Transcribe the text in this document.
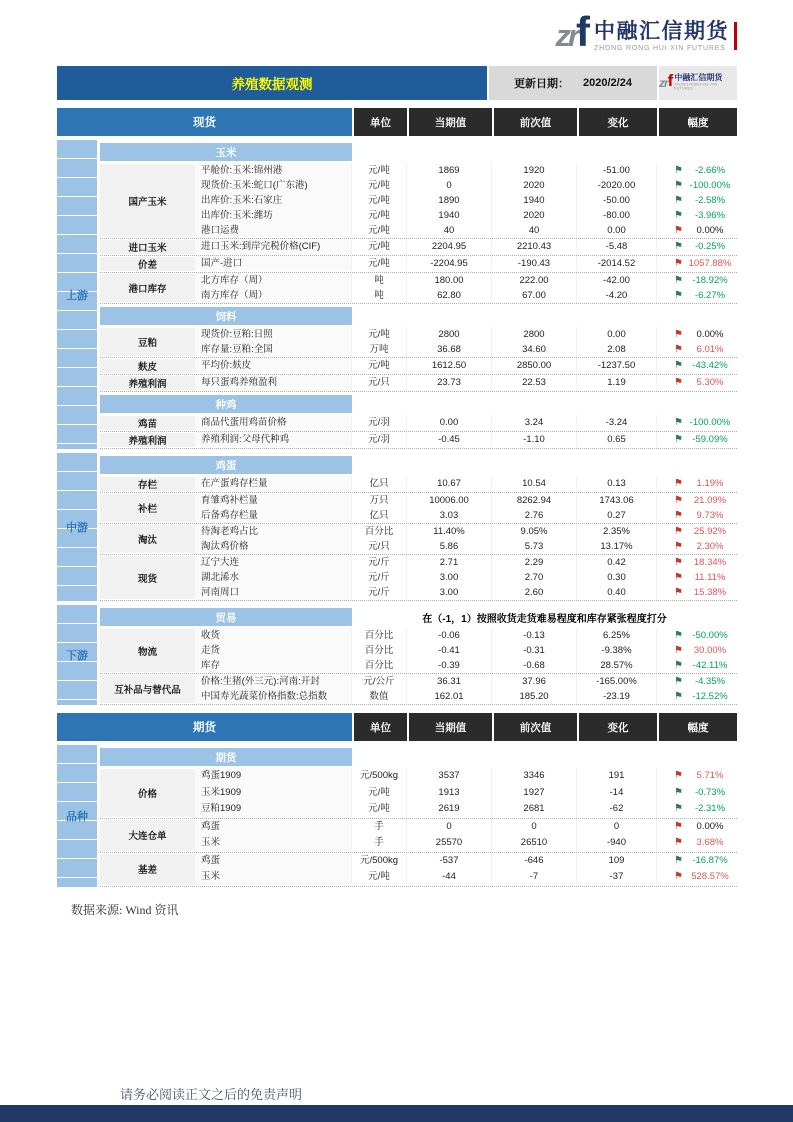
zr f 中融汇信期货
ZHONG RONG HUI XIN FUTURES
养殖数据观测	更新日期： 2020/2/24 zr f 中融汇信期货
ZHONG RONG HUI XIN FUTURES
现货	单位	当期值	前次值	变化	幅度
上游
玉米
国产玉米
平舱价:玉米:锦州港	元/吨	1869	1920	-51.00	⚑	-2.66%
现货价:玉米:蛇口(广东港)	元/吨	0	2020	-2020.00	⚑ -100.00%
出库价:玉米:石家庄	元/吨	1890	1940	-50.00	⚑	-2.58%
出库价:玉米:潍坊	元/吨	1940	2020	-80.00	⚑	-3.96%
港口运费	元/吨	40	40	0.00	⚑	0.00%
进口玉米	进口玉米:到岸完税价格(CIF)	元/吨	2204.95	2210.43	-5.48	⚑	-0.25%
价差	国产-进口	元/吨	-2204.95	-190.43	-2014.52	⚑ 1057.88%
港口库存
北方库存（周）	吨	180.00	222.00	-42.00	⚑ -18.92%
南方库存（周）	吨	62.80	67.00	-4.20	⚑	-6.27%
饲料
豆粕
现货价:豆粕:日照	元/吨	2800	2800	0.00	⚑	0.00%
库存量:豆粕:全国	万吨	36.68	34.60	2.08	⚑	6.01%
麸皮	平均价:麸皮	元/吨	1612.50	2850.00	-1237.50	⚑ -43.42%
养殖利润	每只蛋鸡养殖盈利	元/只	23.73	22.53	1.19	⚑	5.30%
种鸡
鸡苗	商品代蛋用鸡苗价格	元/羽	0.00	3.24	-3.24	⚑ -100.00%
养殖利润	养殖利润:父母代种鸡	元/羽	-0.45	-1.10	0.65	⚑ -59.09%
中游
鸡蛋
存栏	在产蛋鸡存栏量	亿只	10.67	10.54	0.13	⚑	1.19%
补栏
育雏鸡补栏量	万只	10006.00	8262.94	1743.06	⚑	21.09%
后备鸡存栏量	亿只	3.03	2.76	0.27	⚑	9.73%
淘汰
待淘老鸡占比	百分比	11.40%	9.05%	2.35%	⚑	25.92%
淘汰鸡价格	元/只	5.86	5.73	13.17%	⚑	2.30%
现货
辽宁大连	元/斤	2.71	2.29	0.42	⚑	18.34%
湖北浠水	元/斤	3.00	2.70	0.30	⚑	11.11%
河南周口	元/斤	3.00	2.60	0.40	⚑	15.38%
下游
贸易	在（-1，1）按照收货走货难易程度和库存紧张程度打分
物流
收货	百分比	-0.06	-0.13	6.25%	⚑ -50.00%
走货	百分比	-0.41	-0.31	-9.38%	⚑	30.00%
库存	百分比	-0.39	-0.68	28.57%	⚑	-42.11%
互补品与替代品
价格:生猪(外三元):河南:开封	元/公斤	36.31	37.96	-165.00%	⚑	-4.35%
中国寿光蔬菜价格指数:总指数	数值	162.01	185.20	-23.19	⚑ -12.52%
期货	单位	当期值	前次值	变化	幅度
品种
期货
价格
鸡蛋1909	元/500kg	3537	3346	191	⚑	5.71%
玉米1909	元/吨	1913	1927	-14	⚑	-0.73%
豆粕1909	元/吨	2619	2681	-62	⚑	-2.31%
大连仓单
鸡蛋	手	0	0	0	⚑	0.00%
玉米	手	25570	26510	-940	⚑	3.68%
基差
鸡蛋	元/500kg	-537	-646	109	⚑ -16.87%
玉米	元/吨	-44	-7	-37	⚑ 528.57%
数据来源: Wind 资讯
请务必阅读正文之后的免责声明
